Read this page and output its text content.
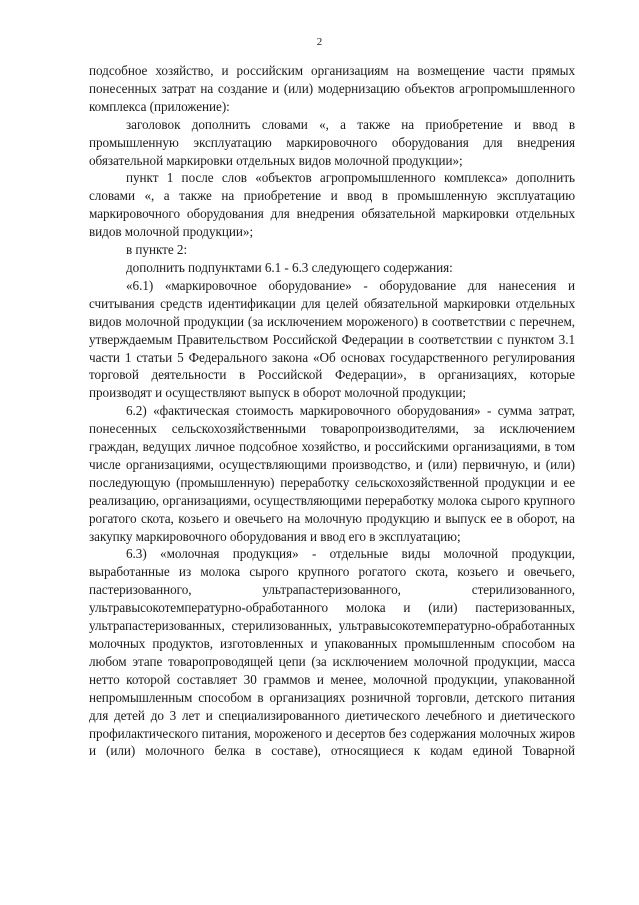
2

подсобное хозяйство, и российским организациям на возмещение части прямых понесенных затрат на создание и (или) модернизацию объектов агропромышленного комплекса (приложение):

заголовок дополнить словами «, а также на приобретение и ввод в промышленную эксплуатацию маркировочного оборудования для внедрения обязательной маркировки отдельных видов молочной продукции»;

пункт 1 после слов «объектов агропромышленного комплекса» дополнить словами «, а также на приобретение и ввод в промышленную эксплуатацию маркировочного оборудования для внедрения обязательной маркировки отдельных видов молочной продукции»;

в пункте 2:

дополнить подпунктами 6.1 - 6.3 следующего содержания:

«6.1) «маркировочное оборудование» - оборудование для нанесения и считывания средств идентификации для целей обязательной маркировки отдельных видов молочной продукции (за исключением мороженого) в соответствии с перечнем, утверждаемым Правительством Российской Федерации в соответствии с пунктом 3.1 части 1 статьи 5 Федерального закона «Об основах государственного регулирования торговой деятельности в Российской Федерации», в организациях, которые производят и осуществляют выпуск в оборот молочной продукции;

6.2) «фактическая стоимость маркировочного оборудования» - сумма затрат, понесенных сельскохозяйственными товаропроизводителями, за исключением граждан, ведущих личное подсобное хозяйство, и российскими организациями, в том числе организациями, осуществляющими производство, и (или) первичную, и (или) последующую (промышленную) переработку сельскохозяйственной продукции и ее реализацию, организациями, осуществляющими переработку молока сырого крупного рогатого скота, козьего и овечьего на молочную продукцию и выпуск ее в оборот, на закупку маркировочного оборудования и ввод его в эксплуатацию;

6.3) «молочная продукция» - отдельные виды молочной продукции, выработанные из молока сырого крупного рогатого скота, козьего и овечьего, пастеризованного, ультрапастеризованного, стерилизованного, ультравысокотемпературно-обработанного молока и (или) пастеризованных, ультрапастеризованных, стерилизованных, ультравысокотемпературно-обработанных молочных продуктов, изготовленных и упакованных промышленным способом на любом этапе товаропроводящей цепи (за исключением молочной продукции, масса нетто которой составляет 30 граммов и менее, молочной продукции, упакованной непромышленным способом в организациях розничной торговли, детского питания для детей до 3 лет и специализированного диетического лечебного и диетического профилактического питания, мороженого и десертов без содержания молочных жиров и (или) молочного белка в составе), относящиеся к кодам единой Товарной
